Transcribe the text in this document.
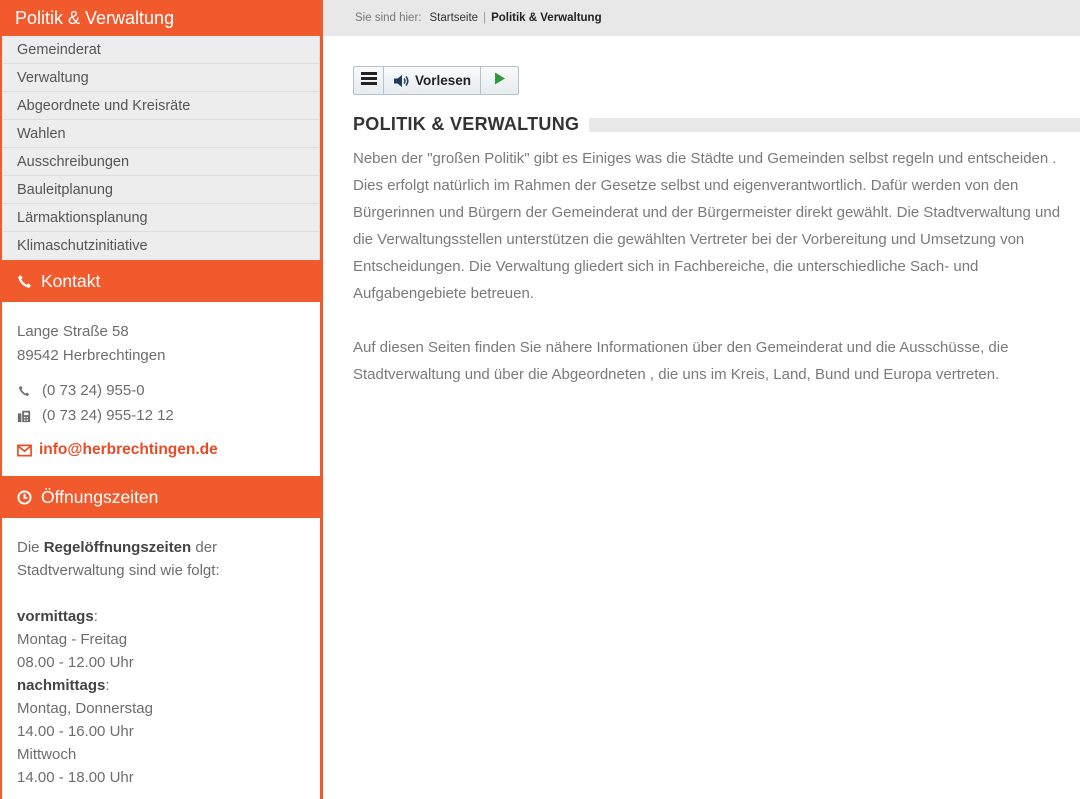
Politik & Verwaltung
Gemeinderat
Verwaltung
Abgeordnete und Kreisräte
Wahlen
Ausschreibungen
Bauleitplanung
Lärmaktionsplanung
Klimaschutzinitiative
Kontakt
Lange Straße 58
89542 Herbrechtingen
(0 73 24) 955-0
(0 73 24) 955-12 12
info@herbrechtingen.de
Öffnungszeiten

Die Regelöffnungszeiten der Stadtverwaltung sind wie folgt:

vormittags:

Montag - Freitag

08.00 - 12.00 Uhr

nachmittags:

Montag, Donnerstag

14.00 - 16.00 Uhr

Mittwoch

14.00 - 18.00 Uhr

Sie sind hier: Startseite | Politik & Verwaltung
Vorlesen
POLITIK & VERWALTUNG

Neben der "großen Politik" gibt es Einiges was die Städte und Gemeinden selbst regeln und entscheiden . Dies erfolgt natürlich im Rahmen der Gesetze selbst und eigenverantwortlich. Dafür werden von den Bürgerinnen und Bürgern der Gemeinderat und der Bürgermeister direkt gewählt. Die Stadtverwaltung und die Verwaltungsstellen unterstützen die gewählten Vertreter bei der Vorbereitung und Umsetzung von Entscheidungen. Die Verwaltung gliedert sich in Fachbereiche, die unterschiedliche Sach- und Aufgabengebiete betreuen.

Auf diesen Seiten finden Sie nähere Informationen über den Gemeinderat und die Ausschüsse, die Stadtverwaltung und über die Abgeordneten , die uns im Kreis, Land, Bund und Europa vertreten.
